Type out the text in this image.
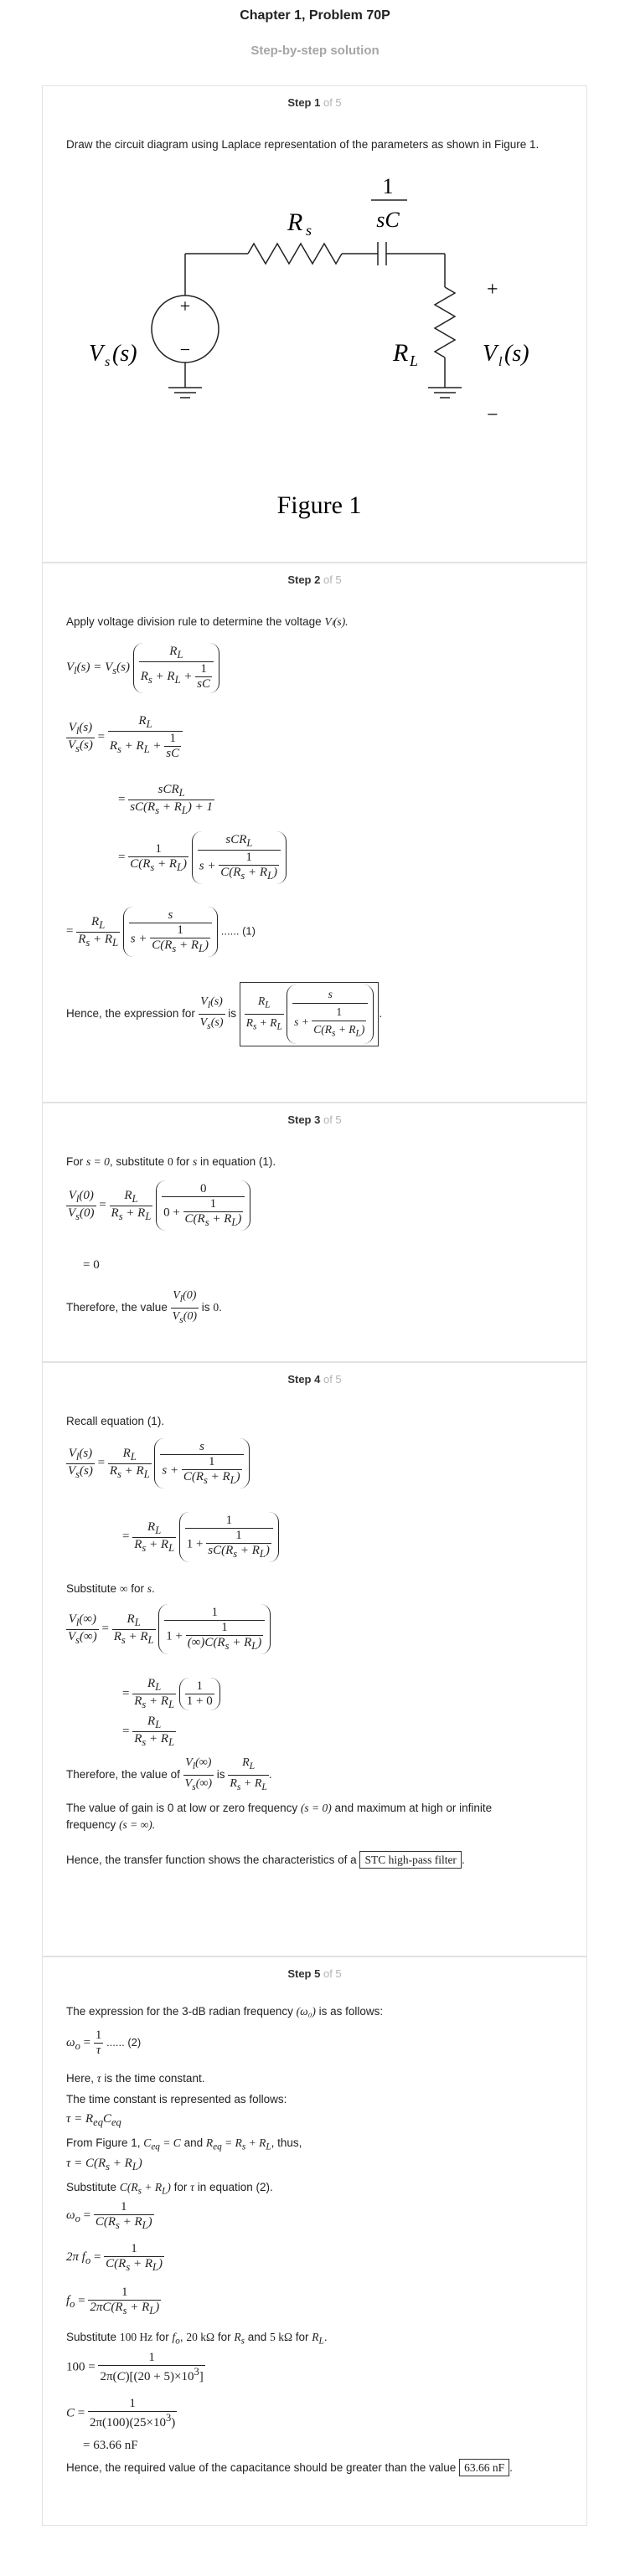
Chapter 1, Problem 70P
Step-by-step solution
Step 1 of 5
Draw the circuit diagram using Laplace representation of the parameters as shown in Figure 1.
+
−
R s
1
sC
V s (s)	R L	V l (s)
+
−
Figure 1
Step 2 of 5
Apply voltage division rule to determine the voltage Vₗ(s).
$V_l(s) = V_s(s) \frac{R_L}{R_s + R_L + \frac{1}{sC}}$
$\frac{V_l(s)}{V_s(s)} = \frac{R_L}{R_s + R_L + \frac{1}{sC}}$
= $\frac{sCR_L}{sC(R_s + R_L) + 1}$
= $\frac{1}{C(R_s + R_L)}$
$\frac{sCR_L}{s + \frac{1}{C(R_s + R_L)}}$
= $\frac{R_L}{R_s + R_L}$
$\frac{s}{s + \frac{1}{C(R_s + R_L)}}$ ...... (1)
Hence, the expression for $\frac{V_l(s)}{V_s(s)}$ is $\frac{R_L}{R_s + R_L}$
$\frac{s}{s + \frac{1}{C(R_s + R_L)}}$ .
Step 3 of 5
For s = 0, substitute 0 for s in equation (1).
$\frac{V_l(0)}{V_s(0)} = \frac{R_L}{R_s + R_L}$
$\frac{0}{0 + \frac{1}{C(R_s + R_L)}}$
= 0
Therefore, the value $\frac{V_l(0)}{V_s(0)}$ is 0.
Step 4 of 5
Recall equation (1).
$\frac{V_l(s)}{V_s(s)} = \frac{R_L}{R_s + R_L}$
$\frac{s}{s + \frac{1}{C(R_s + R_L)}}$
= $\frac{R_L}{R_s + R_L}$
$\frac{1}{1 + \frac{1}{sC(R_s + R_L)}}$
Substitute ∞ for s.
$\frac{V_l(\infty)}{V_s(\infty)} = \frac{R_L}{R_s + R_L}$
$\frac{1}{1 + \frac{1}{(\infty)C(R_s + R_L)}}$
= $\frac{R_L}{R_s + R_L}$
$\frac{1}{1 + 0}$
= $\frac{R_L}{R_s + R_L}$
Therefore, the value of $\frac{V_l(\infty)}{V_s(\infty)}$ is $\frac{R_L}{R_s + R_L}$ .
The value of gain is 0 at low or zero frequency (s = 0) and maximum at high or infinite
frequency (s = ∞).
Hence, the transfer function shows the characteristics of a STC high-pass filter .
Step 5 of 5
The expression for the 3-dB radian frequency (ω₀) is as follows:
$\omega_o = \frac{1}{\tau}$ ...... (2)
Here, τ is the time constant.
The time constant is represented as follows:
$\tau = R_{eq}C_{eq}$
From Figure 1, $C_{eq} = C$ and $R_{eq} = R_s + R_L$, thus,
$\tau = C(R_s + R_L)$
Substitute $C(R_s + R_L)$ for τ in equation (2).
$\omega_o = \frac{1}{C(R_s + R_L)}$
2π $f_o = \frac{1}{C(R_s + R_L)}$
$f_o = \frac{1}{2\pi C(R_s + R_L)}$
Substitute 100 Hz for $f_o$, 20 kΩ for $R_s$ and 5 kΩ for $R_L$.
$100 = \frac{1}{2\pi(C)[(20 + 5)\times 10^3]}$
$C = \frac{1}{2\pi(100)(25\times 10^3)}$
= 63.66 nF
Hence, the required value of the capacitance should be greater than the value 63.66 nF .
